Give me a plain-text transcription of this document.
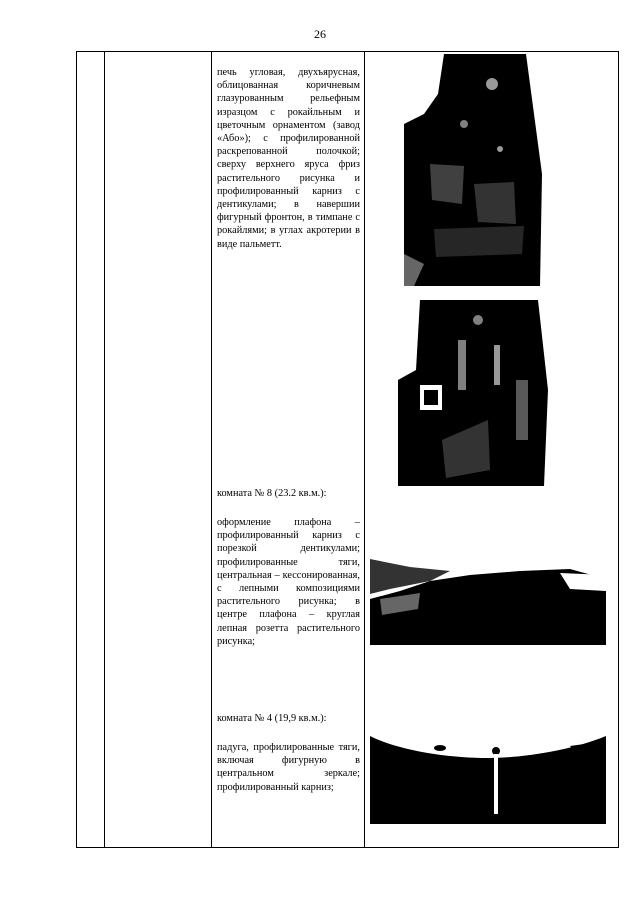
26

печь угловая, двухъярусная, облицованная коричневым глазурованным рельефным изразцом с рокайльным и цветочным орнаментом (завод «Або»); с профилированной раскрепованной полочкой; сверху верхнего яруса фриз растительного рисунка и профилированный карниз с дентикулами; в навершии фигурный фронтон, в тимпане с рокайлями; в углах акротерии в виде пальметт.

комната № 8 (23.2 кв.м.):

оформление плафона – профилированный карниз с порезкой дентикулами; профилированные тяги, центральная – кессонированная, с лепными композициями растительного рисунка; в центре плафона – круглая лепная розетта растительного рисунка;

комната № 4 (19,9 кв.м.):

падуга, профилированные тяги, включая фигурную в центральном зеркале; профилированный карниз;
